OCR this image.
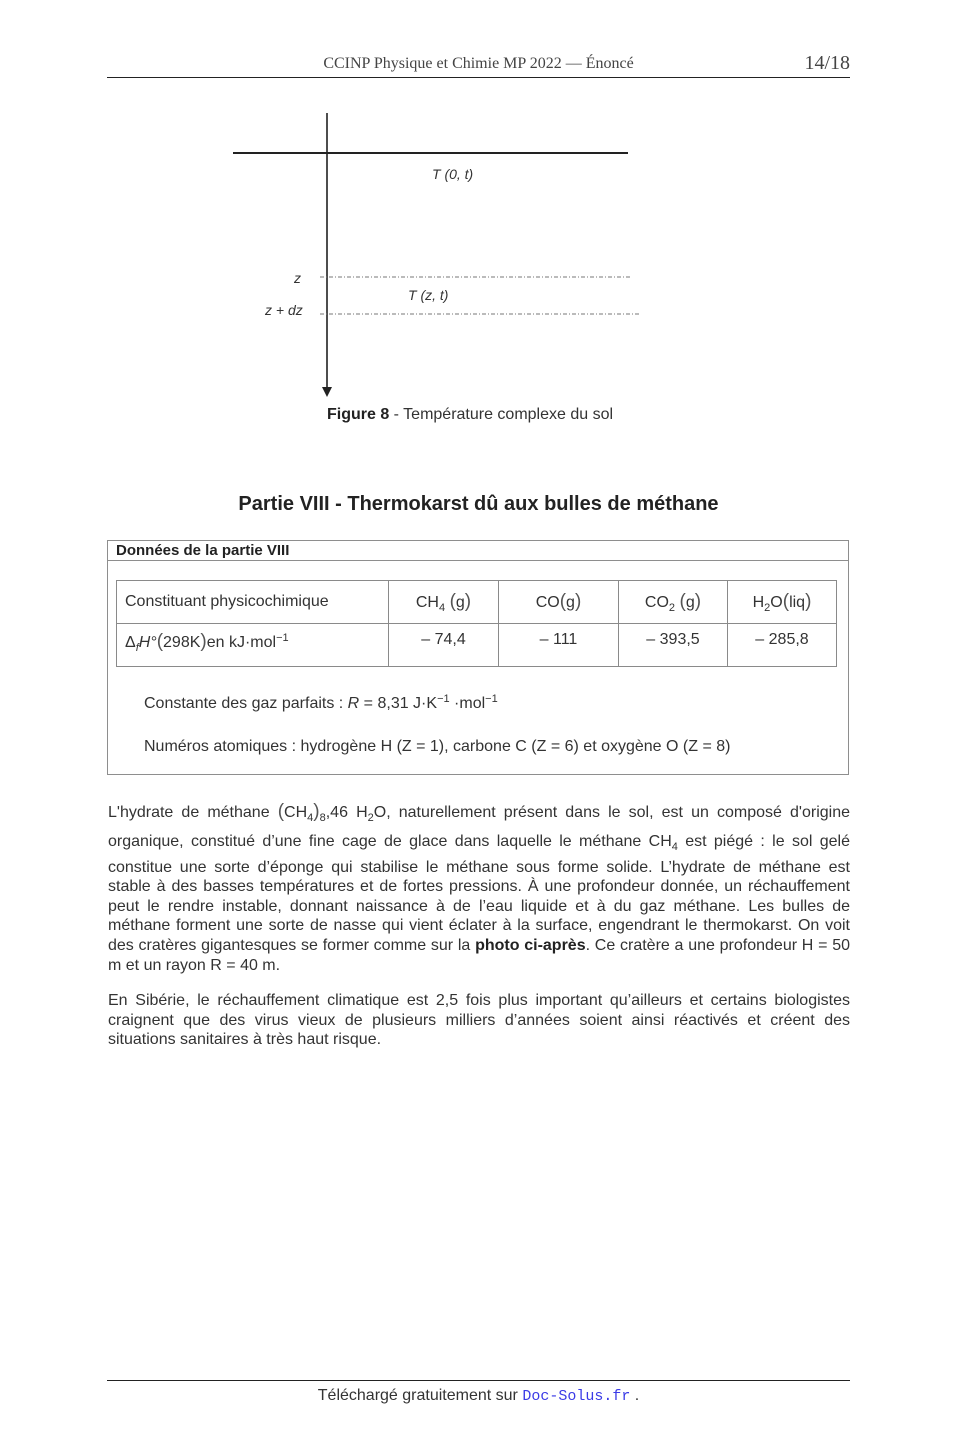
CCINP Physique et Chimie MP 2022 — Énoncé	14/18
T (0, t)
z
T (z, t)
z + dz
Figure 8 - Température complexe du sol
Partie VIII - Thermokarst dû aux bulles de méthane
Données de la partie VIII
Constituant physicochimique	$CH_4$ (g)	CO(g)	$CO_2$ (g)	$H_2O(liq)$
$\Delta_fH^\circ(298K)en$ kJ·mol$^{-1}$	– 74,4	– 111	– 393,5	– 285,8
Constante des gaz parfaits : R = 8,31 $J\cdot K^{-1} \cdot mol^{-1}$
Numéros atomiques : hydrogène H (Z = 1), carbone C (Z = 6) et oxygène O (Z = 8)
L'hydrate de méthane $(CH_4)_8,46$ $H_2O$, naturellement présent dans le sol, est un composé d'origine organique, constitué d’une fine cage de glace dans laquelle le méthane $CH_4$ est piégé : le sol gelé constitue une sorte d’éponge qui stabilise le méthane sous forme solide. L’hydrate de méthane est stable à des basses températures et de fortes pressions. À une profondeur donnée, un réchauffement peut le rendre instable, donnant naissance à de l’eau liquide et à du gaz méthane. Les bulles de méthane forment une sorte de nasse qui vient éclater à la surface, engendrant le thermokarst. On voit des cratères gigantesques se former comme sur la photo ci-après. Ce cratère a une profondeur H = 50 m et un rayon R = 40 m.
En Sibérie, le réchauffement climatique est 2,5 fois plus important qu’ailleurs et certains biologistes craignent que des virus vieux de plusieurs milliers d’années soient ainsi réactivés et créent des situations sanitaires à très haut risque.
Téléchargé gratuitement sur Doc-Solus.fr .
